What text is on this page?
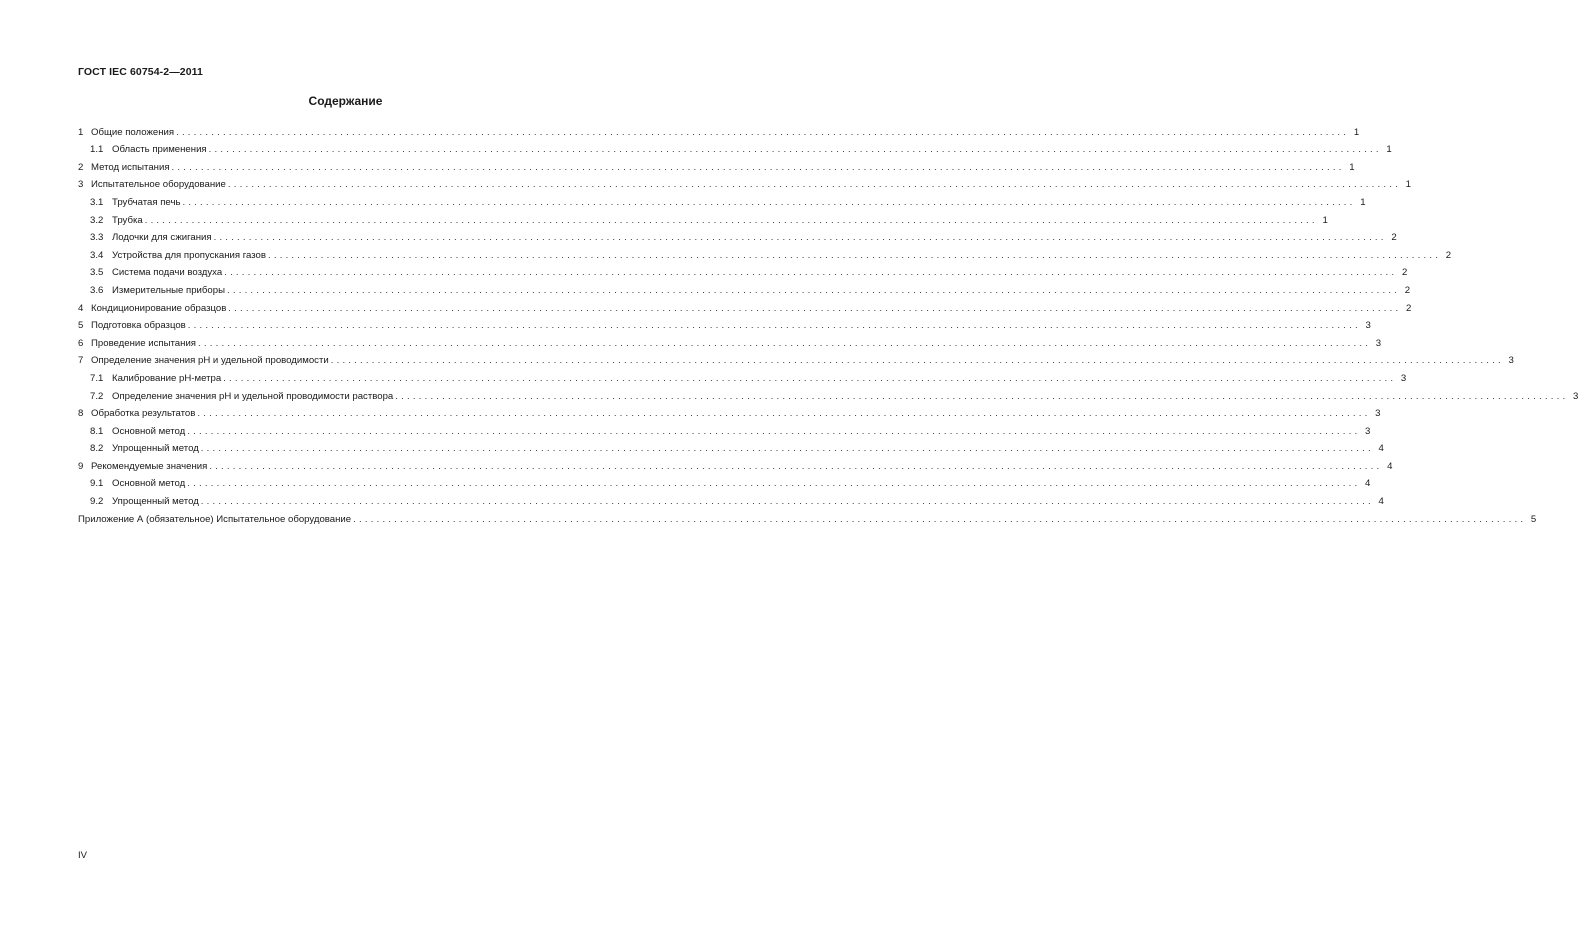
ГОСТ IEC 60754-2—2011
Содержание
1 Общие положения ........................................................................................................................................................................................................ 1
1.1 Область применения ........................................................................................................................................................................................................ 1
2 Метод испытания ........................................................................................................................................................................................................ 1
3 Испытательное оборудование ........................................................................................................................................................................................................ 1
3.1 Трубчатая печь ........................................................................................................................................................................................................ 1
3.2 Трубка ........................................................................................................................................................................................................ 1
3.3 Лодочки для сжигания ........................................................................................................................................................................................................ 2
3.4 Устройства для пропускания газов ........................................................................................................................................................................................................ 2
3.5 Система подачи воздуха ........................................................................................................................................................................................................ 2
3.6 Измерительные приборы ........................................................................................................................................................................................................ 2
4 Кондиционирование образцов ........................................................................................................................................................................................................ 2
5 Подготовка образцов ........................................................................................................................................................................................................ 3
6 Проведение испытания ........................................................................................................................................................................................................ 3
7 Определение значения pH и удельной проводимости ........................................................................................................................................................................................................ 3
7.1 Калибрование pH-метра ........................................................................................................................................................................................................ 3
7.2 Определение значения pH и удельной проводимости раствора ........................................................................................................................................................................................................ 3
8 Обработка результатов ........................................................................................................................................................................................................ 3
8.1 Основной метод ........................................................................................................................................................................................................ 3
8.2 Упрощенный метод ........................................................................................................................................................................................................ 4
9 Рекомендуемые значения ........................................................................................................................................................................................................ 4
9.1 Основной метод ........................................................................................................................................................................................................ 4
9.2 Упрощенный метод ........................................................................................................................................................................................................ 4
Приложение А (обязательное) Испытательное оборудование ........................................................................................................................................................................................................ 5
IV
